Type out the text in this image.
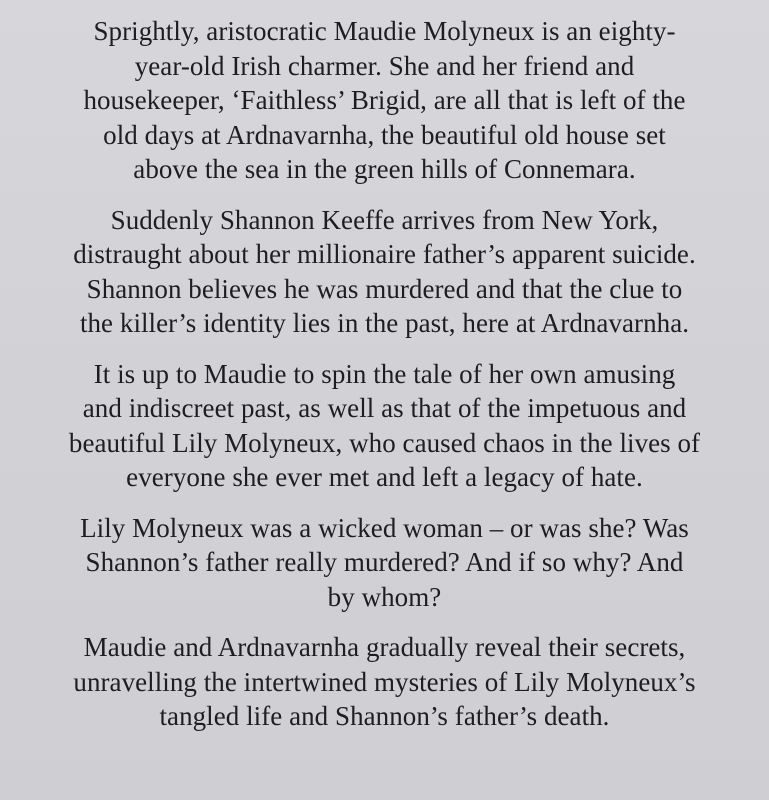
Sprightly, aristocratic Maudie Molyneux is an eighty-
year-old Irish charmer. She and her friend and
housekeeper, ‘Faithless’ Brigid, are all that is left of the
old days at Ardnavarnha, the beautiful old house set
above the sea in the green hills of Connemara.

Suddenly Shannon Keeffe arrives from New York,
distraught about her millionaire father’s apparent suicide.
Shannon believes he was murdered and that the clue to
the killer’s identity lies in the past, here at Ardnavarnha.

It is up to Maudie to spin the tale of her own amusing
and indiscreet past, as well as that of the impetuous and
beautiful Lily Molyneux, who caused chaos in the lives of
everyone she ever met and left a legacy of hate.

Lily Molyneux was a wicked woman – or was she? Was
Shannon’s father really murdered? And if so why? And
by whom?

Maudie and Ardnavarnha gradually reveal their secrets,
unravelling the intertwined mysteries of Lily Molyneux’s
tangled life and Shannon’s father’s death.
